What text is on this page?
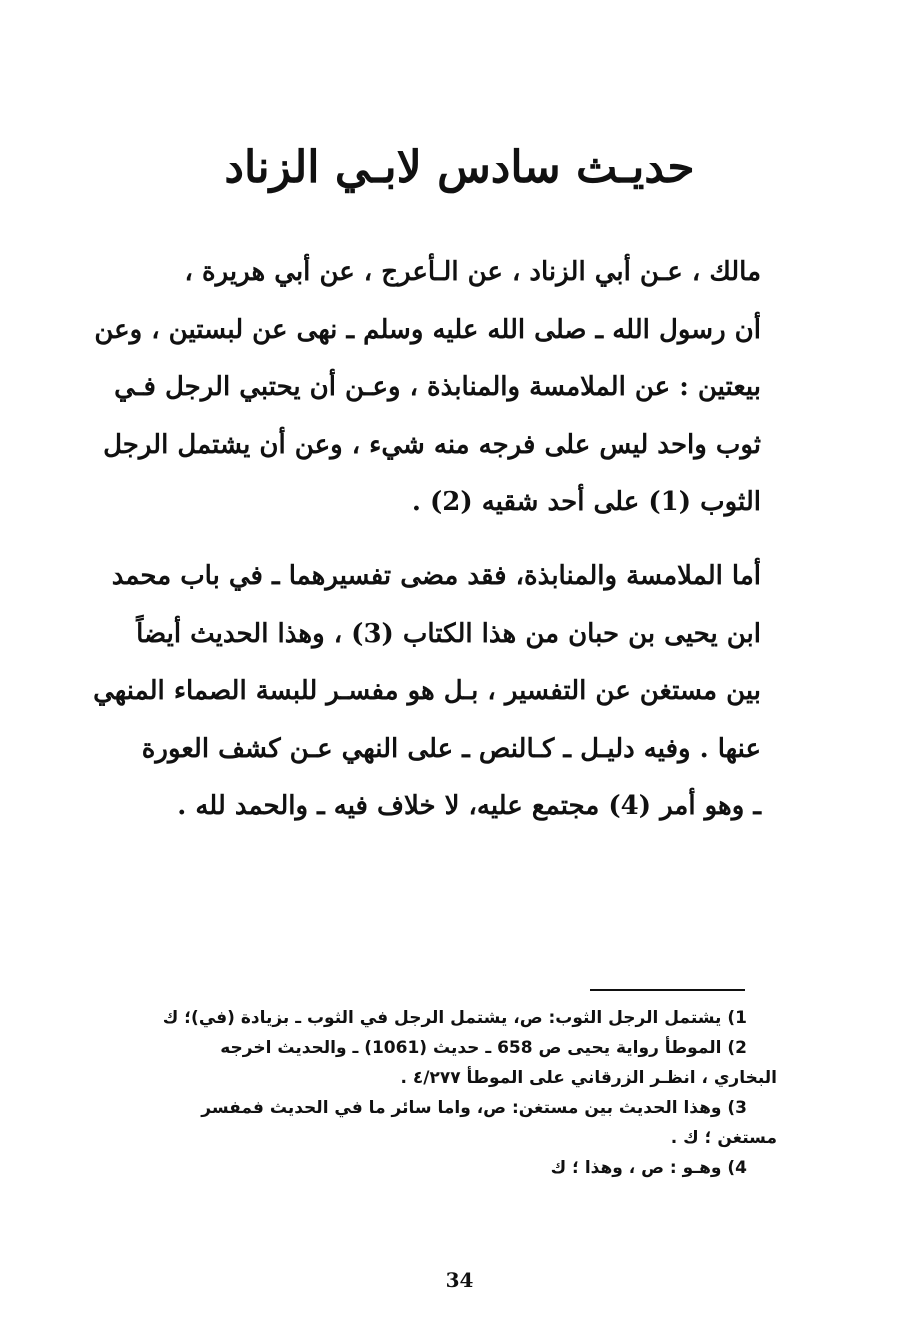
حديـث سادس لابـي الزناد
مالك ، عـن أبي الزناد ، عن الـأعرج ، عن أبي هريرة ،
أن رسول الله ـ صلى الله عليه وسلم ـ نهى عن لبستين ، وعن
بيعتين : عن الملامسة والمنابذة ، وعـن أن يحتبي الرجل فـي
ثوب واحد ليس على فرجه منه شيء ، وعن أن يشتمل الرجل
الثوب (1) على أحد شقيه (2) .
أما الملامسة والمنابذة، فقد مضى تفسيرهما ـ في باب محمد
ابن يحيى بن حبان من هذا الكتاب (3) ، وهذا الحديث أيضاً
بين مستغن عن التفسير ، بـل هو مفسـر للبسة الصماء المنهي
عنها . وفيه دليـل ـ كـالنص ـ على النهي عـن كشف العورة
ـ وهو أمر (4) مجتمع عليه، لا خلاف فيه ـ والحمد لله .
1) يشتمل الرجل الثوب: ص، يشتمل الرجل في الثوب ـ بزيادة (في)؛ ك
2) الموطأ رواية يحيى ص 658 ـ حديث (1061) ـ والحديث اخرجه
البخاري ، انظـر الزرقاني على الموطأ ٤/٢٧٧ .
3) وهذا الحديث بين مستغن: ص، واما سائر ما في الحديث فمفسر
مستغن ؛ ك .
4) وهـو : ص ، وهذا ؛ ك
34
